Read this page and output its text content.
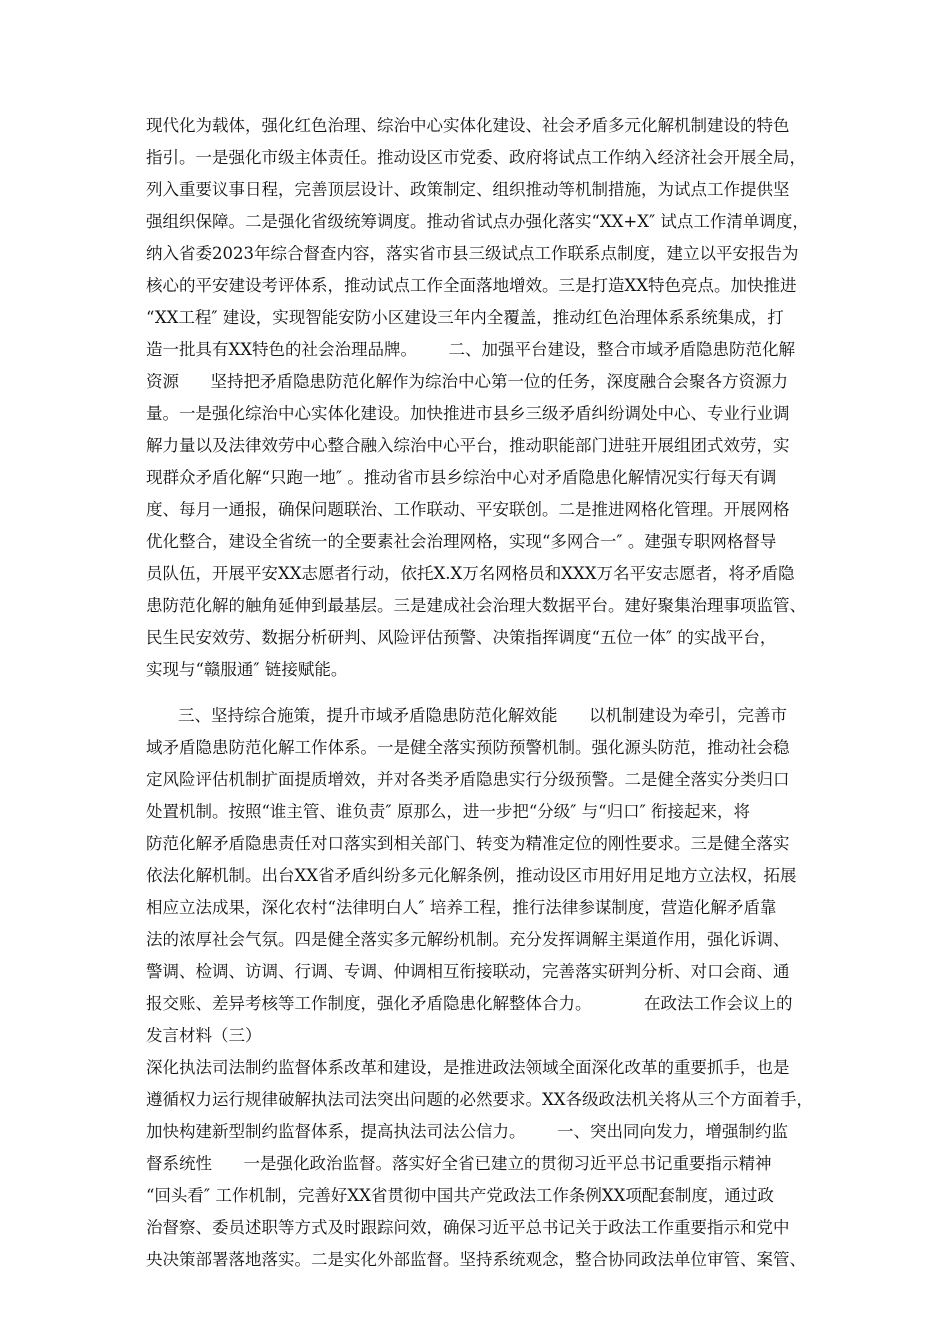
现代化为载体，强化红色治理、综治中心实体化建设、社会矛盾多元化解机制建设的特色
指引。一是强化市级主体责任。推动设区市党委、政府将试点工作纳入经济社会开展全局，
列入重要议事日程，完善顶层设计、政策制定、组织推动等机制措施，为试点工作提供坚
强组织保障。二是强化省级统筹调度。推动省试点办强化落实“XX+X″ 试点工作清单调度，
纳入省委2023年综合督查内容，落实省市县三级试点工作联系点制度，建立以平安报告为
核心的平安建设考评体系，推动试点工作全面落地增效。三是打造XX特色亮点。加快推进
“XX工程″ 建设，实现智能安防小区建设三年内全覆盖，推动红色治理体系系统集成，打
造一批具有XX特色的社会治理品牌。      二、加强平台建设，整合市域矛盾隐患防范化解
资源      坚持把矛盾隐患防范化解作为综治中心第一位的任务，深度融合会聚各方资源力
量。一是强化综治中心实体化建设。加快推进市县乡三级矛盾纠纷调处中心、专业行业调
解力量以及法律效劳中心整合融入综治中心平台，推动职能部门进驻开展组团式效劳，实
现群众矛盾化解“只跑一地″ 。推动省市县乡综治中心对矛盾隐患化解情况实行每天有调
度、每月一通报，确保问题联治、工作联动、平安联创。二是推进网格化管理。开展网格
优化整合，建设全省统一的全要素社会治理网格，实现“多网合一″ 。建强专职网格督导
员队伍，开展平安XX志愿者行动，依托X.X万名网格员和XXX万名平安志愿者，将矛盾隐
患防范化解的触角延伸到最基层。三是建成社会治理大数据平台。建好聚集治理事项监管、
民生民安效劳、数据分析研判、风险评估预警、决策指挥调度“五位一体″ 的实战平台，
实现与“赣服通″ 链接赋能。
三、坚持综合施策，提升市域矛盾隐患防范化解效能      以机制建设为牵引，完善市
域矛盾隐患防范化解工作体系。一是健全落实预防预警机制。强化源头防范，推动社会稳
定风险评估机制扩面提质增效，并对各类矛盾隐患实行分级预警。二是健全落实分类归口
处置机制。按照“谁主管、谁负责″ 原那么，进一步把“分级″ 与“归口″ 衔接起来，将
防范化解矛盾隐患责任对口落实到相关部门、转变为精准定位的刚性要求。三是健全落实
依法化解机制。出台XX省矛盾纠纷多元化解条例，推动设区市用好用足地方立法权，拓展
相应立法成果，深化农村“法律明白人″ 培养工程，推行法律参谋制度，营造化解矛盾靠
法的浓厚社会气氛。四是健全落实多元解纷机制。充分发挥调解主渠道作用，强化诉调、
警调、检调、访调、行调、专调、仲调相互衔接联动，完善落实研判分析、对口会商、通
报交账、差异考核等工作制度，强化矛盾隐患化解整体合力。          在政法工作会议上的
发言材料（三）
深化执法司法制约监督体系改革和建设，是推进政法领域全面深化改革的重要抓手，也是
遵循权力运行规律破解执法司法突出问题的必然要求。XX各级政法机关将从三个方面着手，
加快构建新型制约监督体系，提高执法司法公信力。      一、突出同向发力，增强制约监
督系统性      一是强化政治监督。落实好全省已建立的贯彻习近平总书记重要指示精神
“回头看″ 工作机制，完善好XX省贯彻中国共产党政法工作条例XX项配套制度，通过政
治督察、委员述职等方式及时跟踪问效，确保习近平总书记关于政法工作重要指示和党中
央决策部署落地落实。二是实化外部监督。坚持系统观念，整合协同政法单位审管、案管、
